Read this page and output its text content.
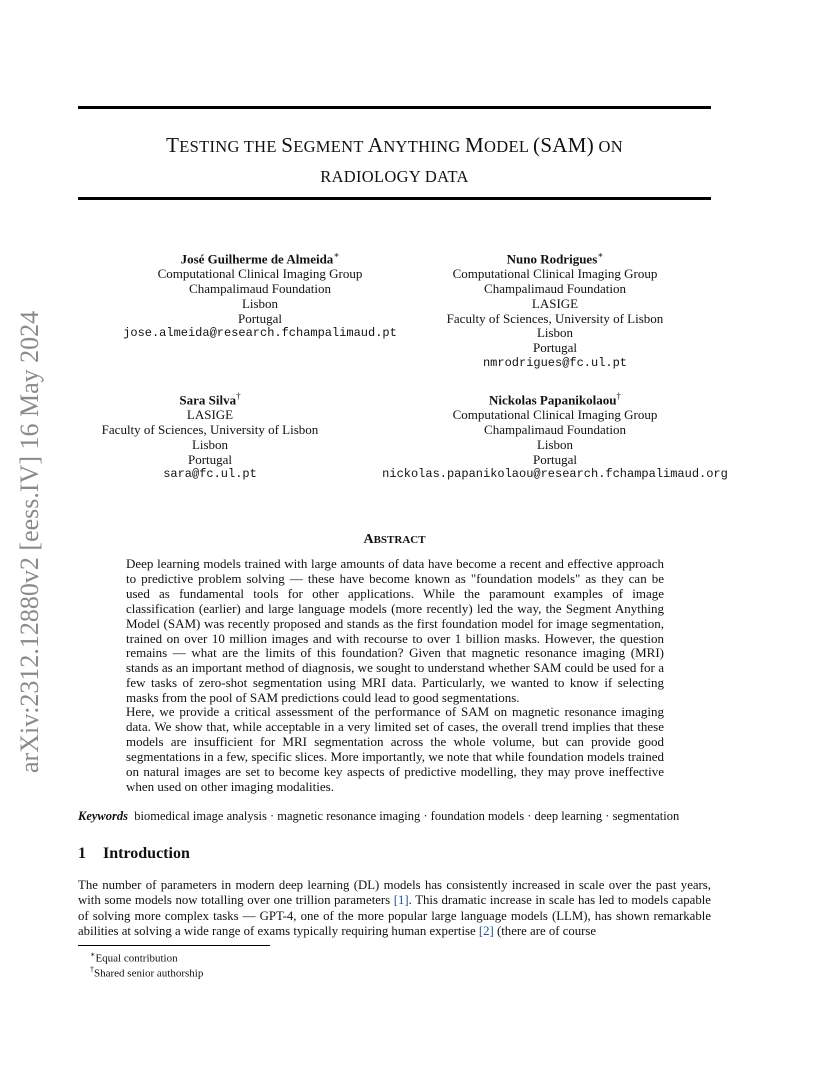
arXiv:2312.12880v2 [eess.IV] 16 May 2024
TESTING THE SEGMENT ANYTHING MODEL (SAM) ON
RADIOLOGY DATA
José Guilherme de Almeida∗
Computational Clinical Imaging Group
Champalimaud Foundation
Lisbon
Portugal
jose.almeida@research.fchampalimaud.pt
Nuno Rodrigues∗
Computational Clinical Imaging Group
Champalimaud Foundation
LASIGE
Faculty of Sciences, University of Lisbon
Lisbon
Portugal
nmrodrigues@fc.ul.pt
Sara Silva†
LASIGE
Faculty of Sciences, University of Lisbon
Lisbon
Portugal
sara@fc.ul.pt
Nickolas Papanikolaou†
Computational Clinical Imaging Group
Champalimaud Foundation
Lisbon
Portugal
nickolas.papanikolaou@research.fchampalimaud.org
ABSTRACT
Deep learning models trained with large amounts of data have become a recent and effective approach to predictive problem solving — these have become known as "foundation models" as they can be used as fundamental tools for other applications. While the paramount examples of image classification (earlier) and large language models (more recently) led the way, the Segment Anything Model (SAM) was recently proposed and stands as the first foundation model for image segmentation, trained on over 10 million images and with recourse to over 1 billion masks. However, the question remains — what are the limits of this foundation? Given that magnetic resonance imaging (MRI) stands as an important method of diagnosis, we sought to understand whether SAM could be used for a few tasks of zero-shot segmentation using MRI data. Particularly, we wanted to know if selecting masks from the pool of SAM predictions could lead to good segmentations.
Here, we provide a critical assessment of the performance of SAM on magnetic resonance imaging data. We show that, while acceptable in a very limited set of cases, the overall trend implies that these models are insufficient for MRI segmentation across the whole volume, but can provide good segmentations in a few, specific slices. More importantly, we note that while foundation models trained on natural images are set to become key aspects of predictive modelling, they may prove ineffective when used on other imaging modalities.
Keywords biomedical image analysis · magnetic resonance imaging · foundation models · deep learning · segmentation
1 Introduction
The number of parameters in modern deep learning (DL) models has consistently increased in scale over the past years, with some models now totalling over one trillion parameters [1]. This dramatic increase in scale has led to models capable of solving more complex tasks — GPT-4, one of the more popular large language models (LLM), has shown remarkable abilities at solving a wide range of exams typically requiring human expertise [2] (there are of course
∗Equal contribution
†Shared senior authorship
